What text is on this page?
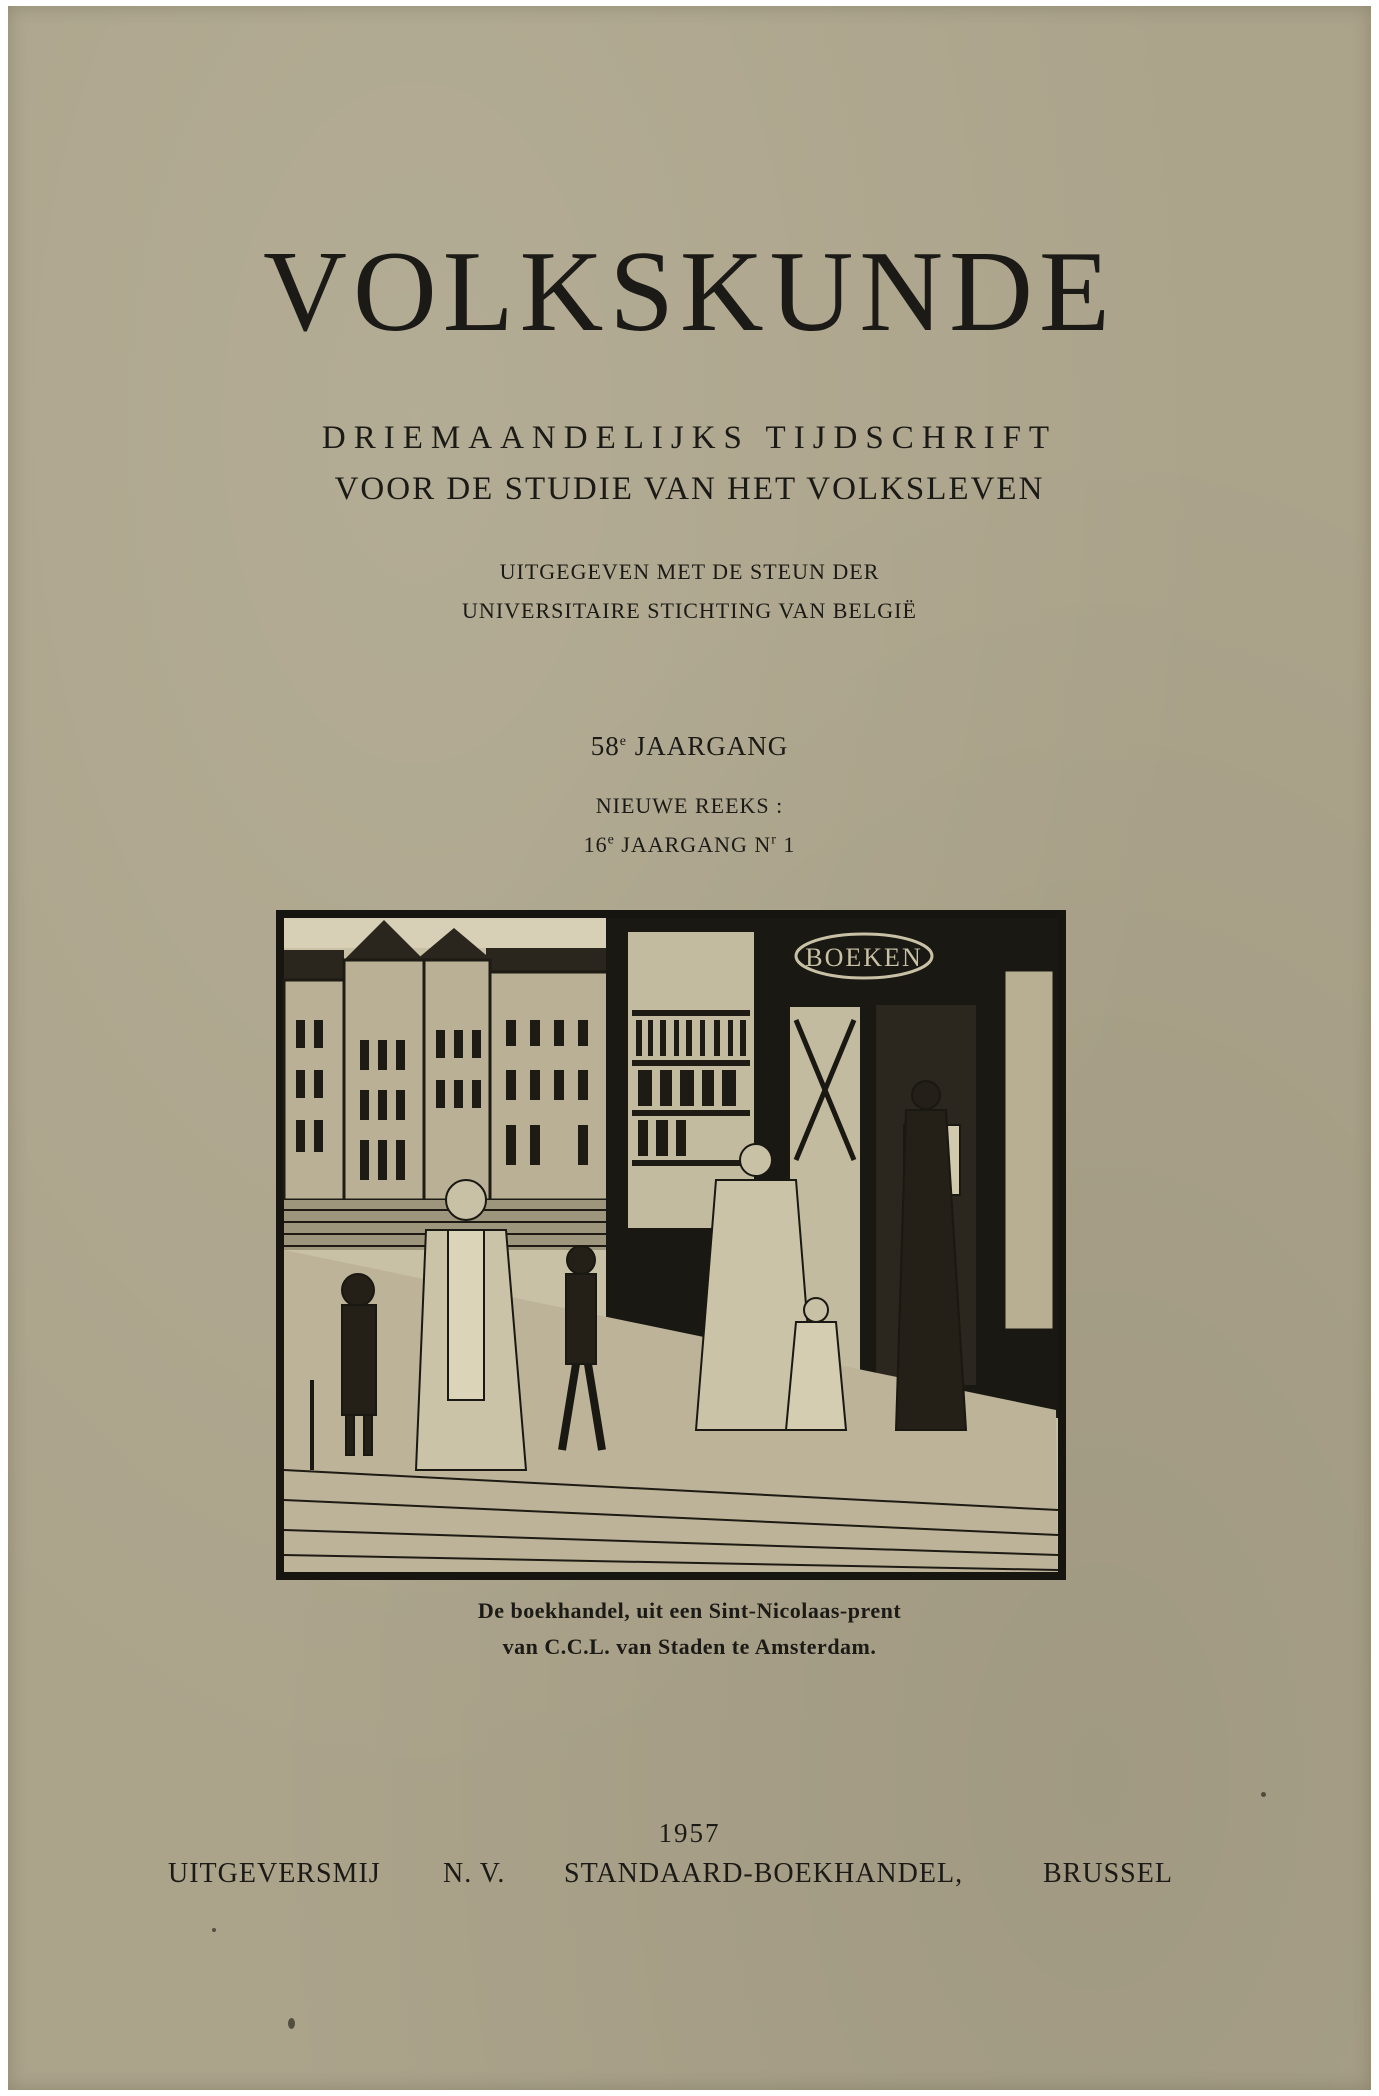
VOLKSKUNDE
DRIEMAANDELIJKS TIJDSCHRIFT
VOOR DE STUDIE VAN HET VOLKSLEVEN
UITGEGEVEN MET DE STEUN DER
UNIVERSITAIRE STICHTING VAN BELGIË
58e JAARGANG
NIEUWE REEKS :
16e JAARGANG $N^r$ 1
BOEKEN
De boekhandel, uit een Sint-Nicolaas-prent
van C.C.L. van Staden te Amsterdam.
1957
UITGEVERSMIJ N. V. STANDAARD-BOEKHANDEL,	BRUSSEL
